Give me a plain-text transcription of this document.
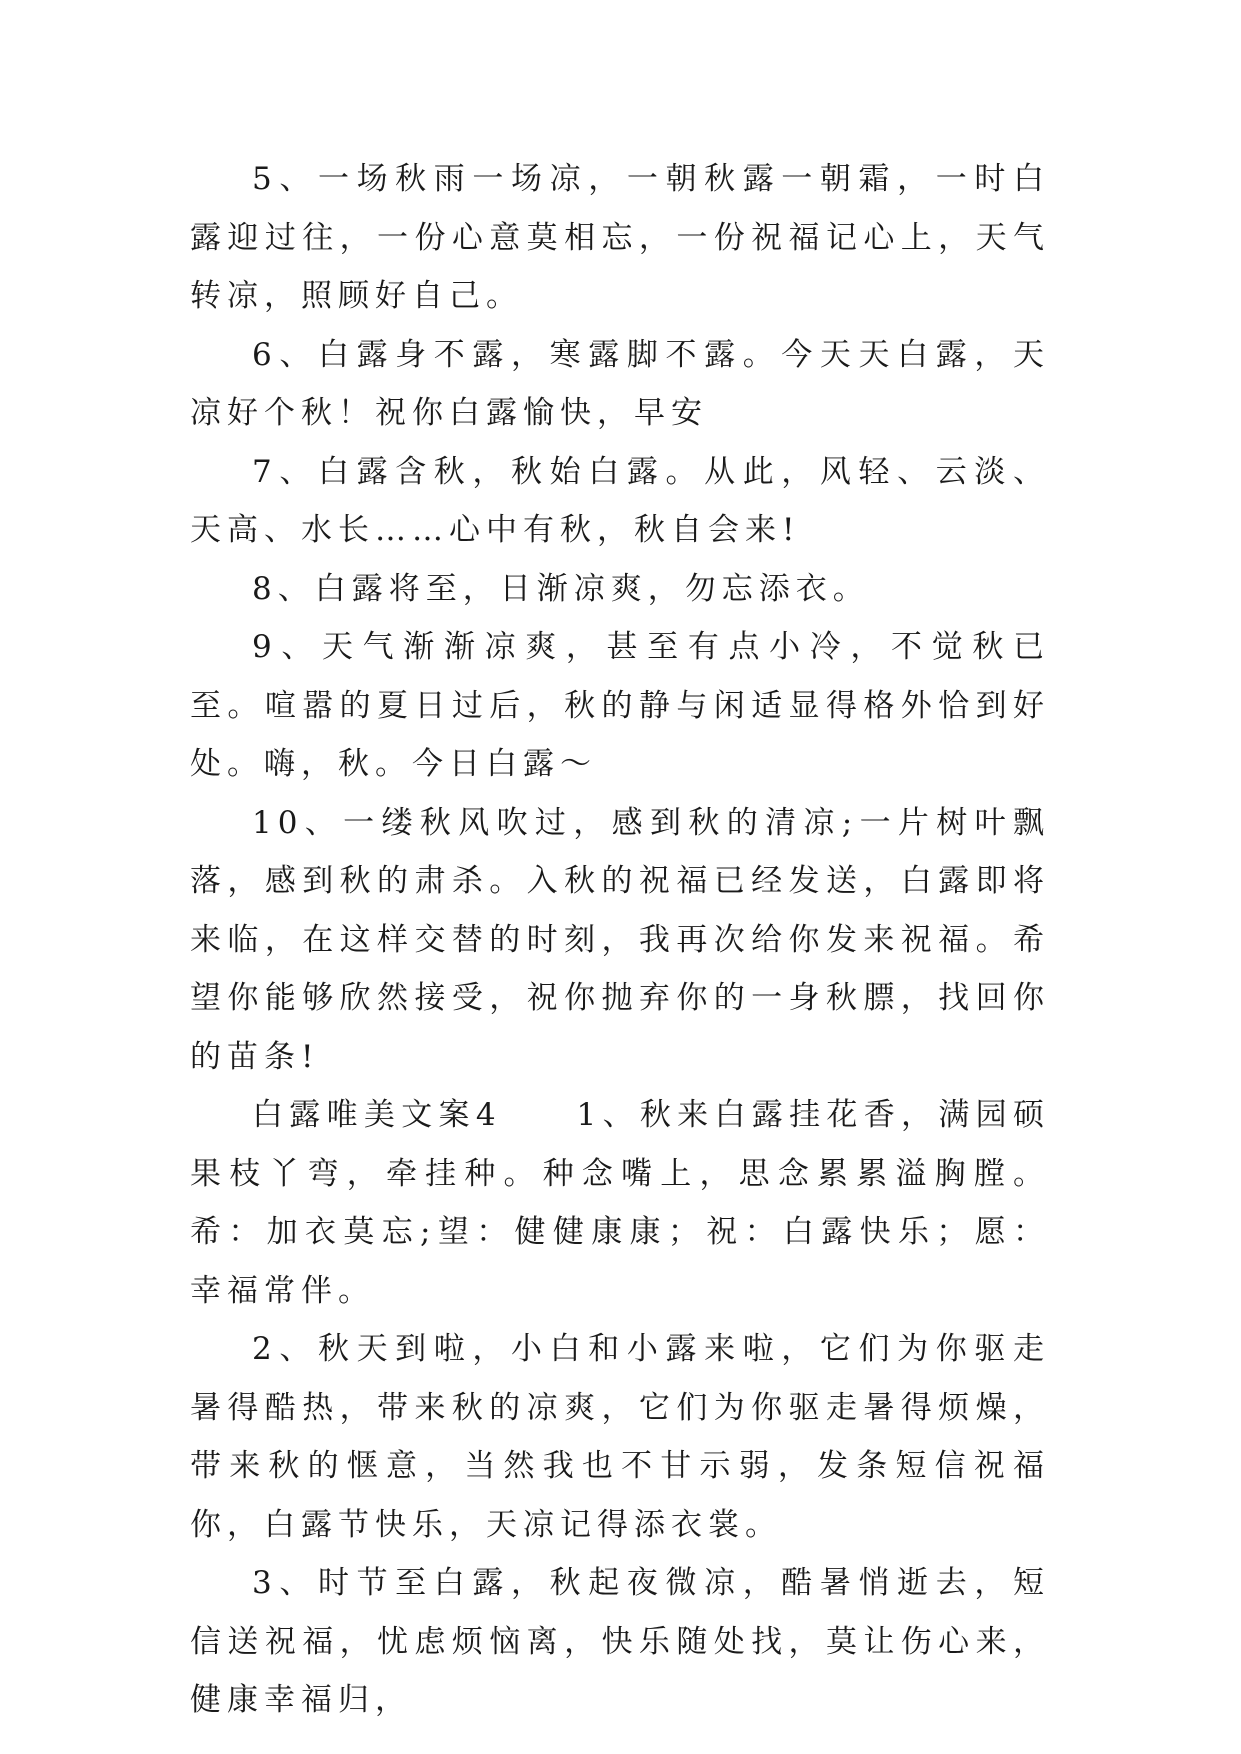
5、一场秋雨一场凉，一朝秋露一朝霜，一时白露迎过往，一份心意莫相忘，一份祝福记心上，天气转凉，照顾好自己。

6、白露身不露，寒露脚不露。今天天白露，天凉好个秋！祝你白露愉快，早安

7、白露含秋，秋始白露。从此，风轻、云淡、天高、水长……心中有秋，秋自会来!

8、白露将至，日渐凉爽，勿忘添衣。

9、天气渐渐凉爽，甚至有点小冷，不觉秋已至。喧嚣的夏日过后，秋的静与闲适显得格外恰到好处。嗨，秋。今日白露～

10、一缕秋风吹过，感到秋的清凉;一片树叶飘落，感到秋的肃杀。入秋的祝福已经发送，白露即将来临，在这样交替的时刻，我再次给你发来祝福。希望你能够欣然接受，祝你抛弃你的一身秋膘，找回你的苗条!

白露唯美文案4　　1、秋来白露挂花香，满园硕果枝丫弯，牵挂种。种念嘴上，思念累累溢胸膛。希：加衣莫忘;望：健健康康；祝：白露快乐；愿：幸福常伴。

2、秋天到啦，小白和小露来啦，它们为你驱走暑得酷热，带来秋的凉爽，它们为你驱走暑得烦燥，带来秋的惬意，当然我也不甘示弱，发条短信祝福你，白露节快乐，天凉记得添衣裳。

3、时节至白露，秋起夜微凉，酷暑悄逝去，短信送祝福，忧虑烦恼离，快乐随处找，莫让伤心来，健康幸福归，
